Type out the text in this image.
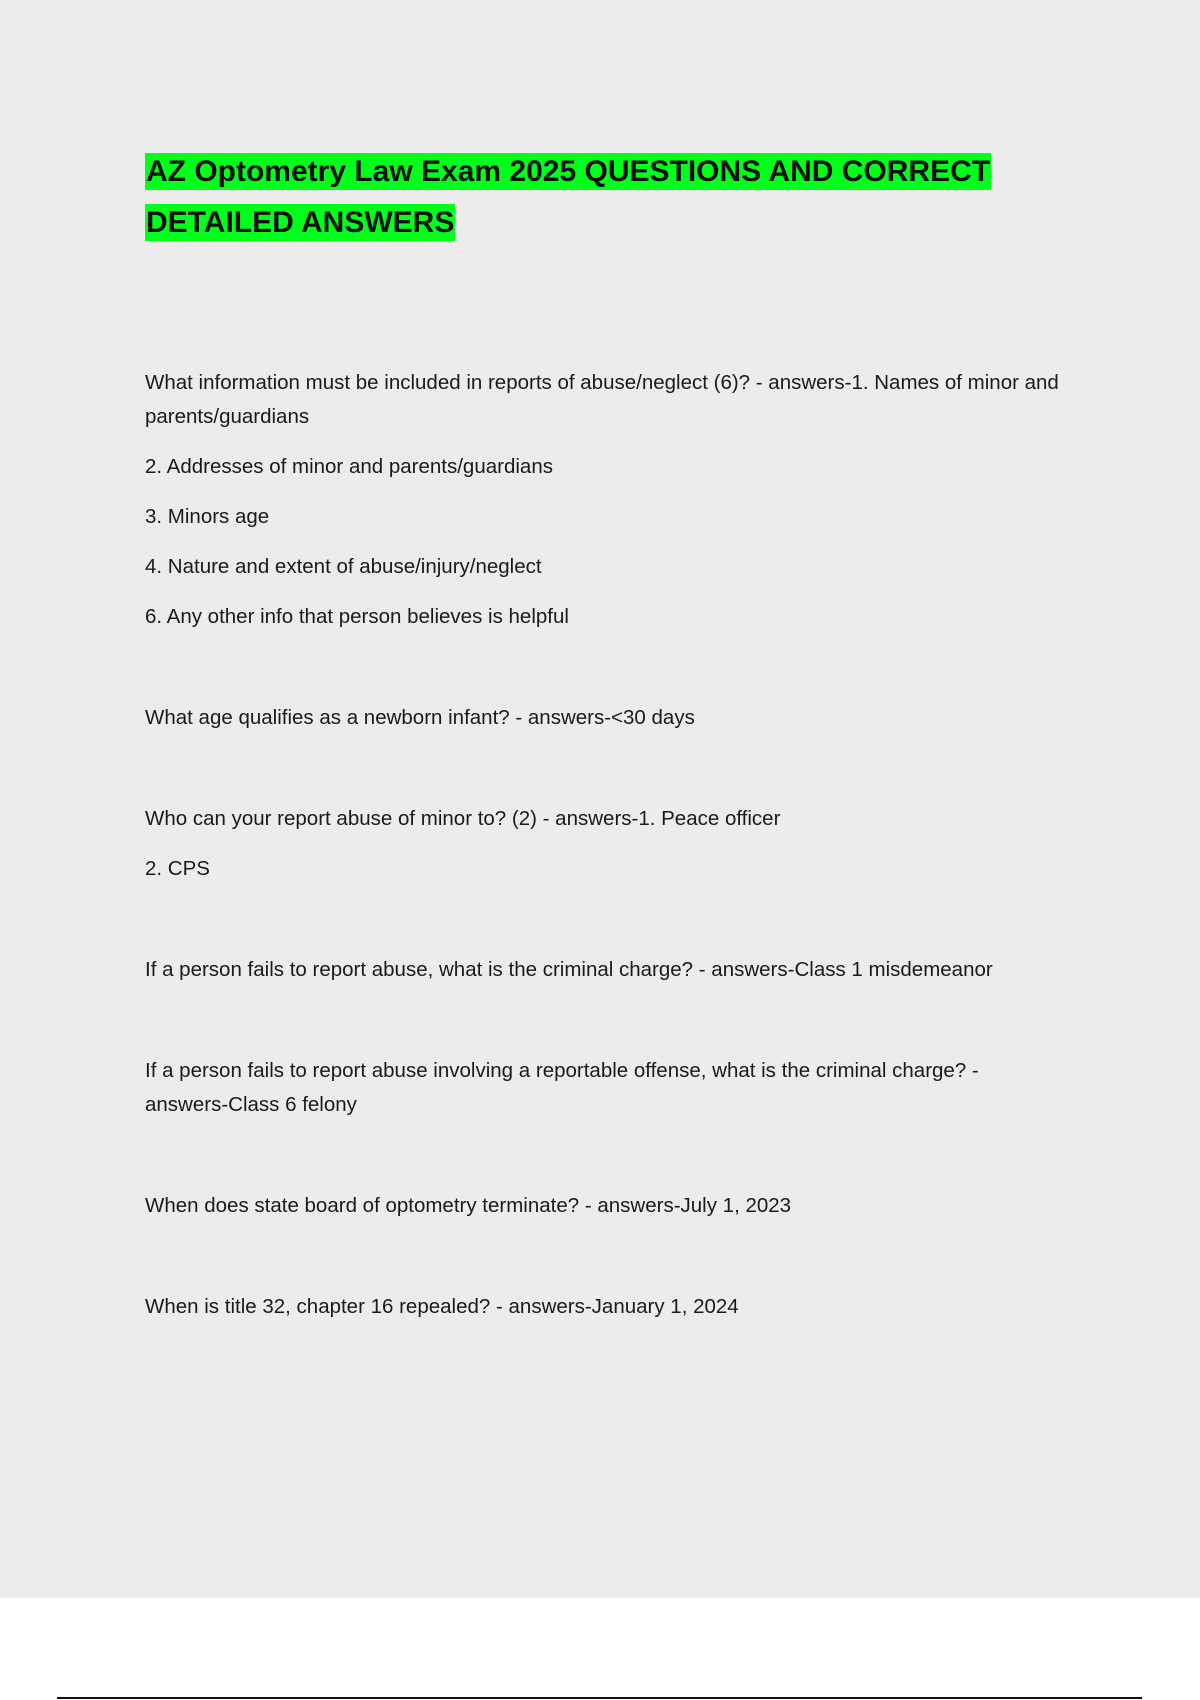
AZ Optometry Law Exam 2025 QUESTIONS AND CORRECT DETAILED ANSWERS

What information must be included in reports of abuse/neglect (6)? - answers-1. Names of minor and parents/guardians

2. Addresses of minor and parents/guardians

3. Minors age

4. Nature and extent of abuse/injury/neglect

6. Any other info that person believes is helpful

What age qualifies as a newborn infant? - answers-<30 days

Who can your report abuse of minor to? (2) - answers-1. Peace officer

2. CPS

If a person fails to report abuse, what is the criminal charge? - answers-Class 1 misdemeanor

If a person fails to report abuse involving a reportable offense, what is the criminal charge? - answers-Class 6 felony

When does state board of optometry terminate? - answers-July 1, 2023

When is title 32, chapter 16 repealed? - answers-January 1, 2024
